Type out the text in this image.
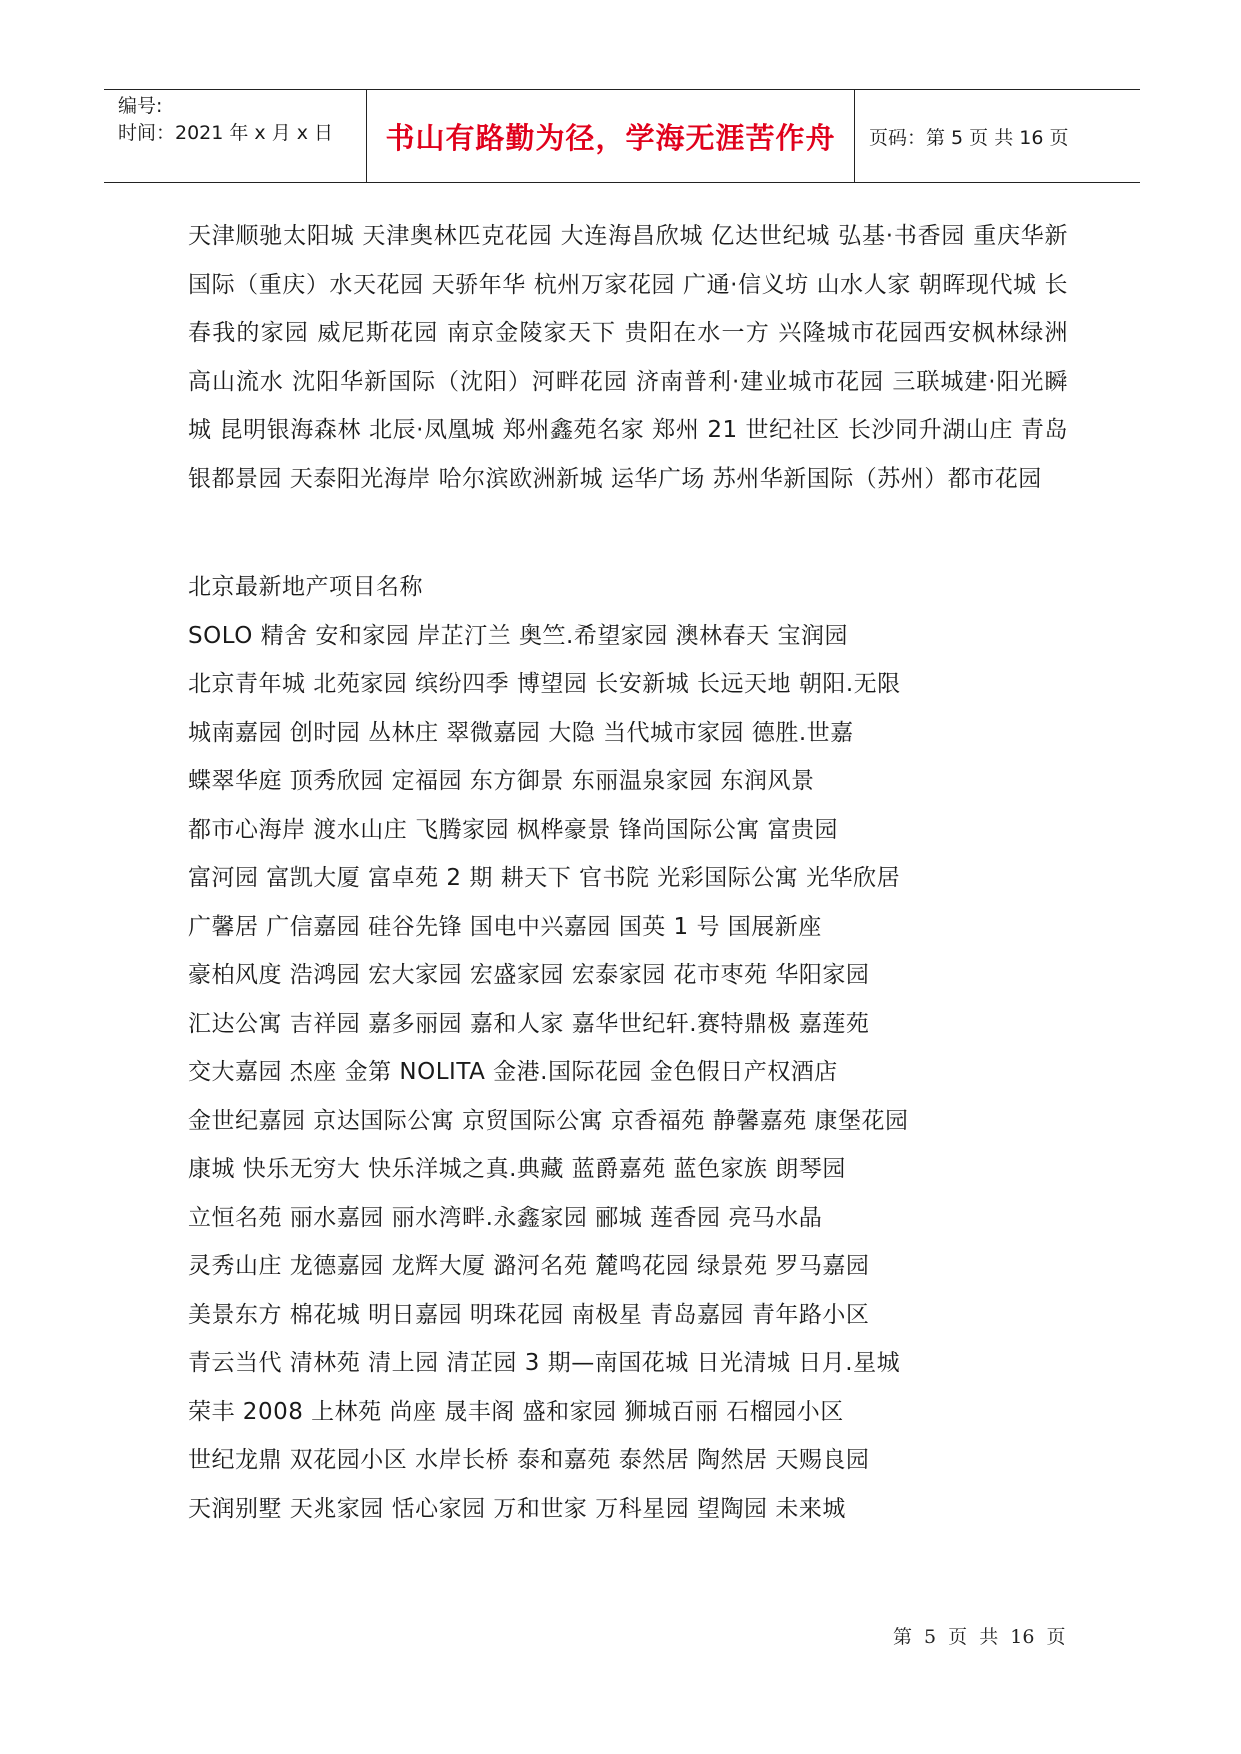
编号:
时间：2021 年 x 月 x 日	书山有路勤为径，学海无涯苦作舟 页码：第 5 页 共 16 页

天津顺驰太阳城 天津奥林匹克花园 大连海昌欣城 亿达世纪城 弘基·书香园 重庆华新国际（重庆）水天花园 天骄年华 杭州万家花园 广通·信义坊 山水人家 朝晖现代城 长春我的家园 威尼斯花园 南京金陵家天下 贵阳在水一方 兴隆城市花园西安枫林绿洲 高山流水 沈阳华新国际（沈阳）河畔花园 济南普利·建业城市花园 三联城建·阳光瞬城 昆明银海森林 北辰·凤凰城 郑州鑫苑名家 郑州 21 世纪社区 长沙同升湖山庄 青岛银都景园 天泰阳光海岸 哈尔滨欧洲新城 运华广场 苏州华新国际（苏州）都市花园

北京最新地产项目名称
SOLO 精舍 安和家园 岸芷汀兰 奥竺.希望家园 澳林春天 宝润园
北京青年城 北苑家园 缤纷四季 博望园 长安新城 长远天地 朝阳.无限
城南嘉园 创时园 丛林庄 翠微嘉园 大隐 当代城市家园 德胜.世嘉
蝶翠华庭 顶秀欣园 定福园 东方御景 东丽温泉家园 东润风景
都市心海岸 渡水山庄 飞腾家园 枫桦豪景 锋尚国际公寓 富贵园
富河园 富凯大厦 富卓苑 2 期 耕天下 官书院 光彩国际公寓 光华欣居
广馨居 广信嘉园 硅谷先锋 国电中兴嘉园 国英 1 号 国展新座
豪柏风度 浩鸿园 宏大家园 宏盛家园 宏泰家园 花市枣苑 华阳家园
汇达公寓 吉祥园 嘉多丽园 嘉和人家 嘉华世纪轩.赛特鼎极 嘉莲苑
交大嘉园 杰座 金第 NOLITA 金港.国际花园 金色假日产权酒店
金世纪嘉园 京达国际公寓 京贸国际公寓 京香福苑 静馨嘉苑 康堡花园
康城 快乐无穷大 快乐洋城之真.典藏 蓝爵嘉苑 蓝色家族 朗琴园
立恒名苑 丽水嘉园 丽水湾畔.永鑫家园 郦城 莲香园 亮马水晶
灵秀山庄 龙德嘉园 龙辉大厦 潞河名苑 麓鸣花园 绿景苑 罗马嘉园
美景东方 棉花城 明日嘉园 明珠花园 南极星 青岛嘉园 青年路小区
青云当代 清林苑 清上园 清芷园 3 期—南国花城 日光清城 日月.星城
荣丰 2008 上林苑 尚座 晟丰阁 盛和家园 狮城百丽 石榴园小区
世纪龙鼎 双花园小区 水岸长桥 泰和嘉苑 泰然居 陶然居 天赐良园
天润别墅 天兆家园 恬心家园 万和世家 万科星园 望陶园 未来城
第 5 页 共 16 页
